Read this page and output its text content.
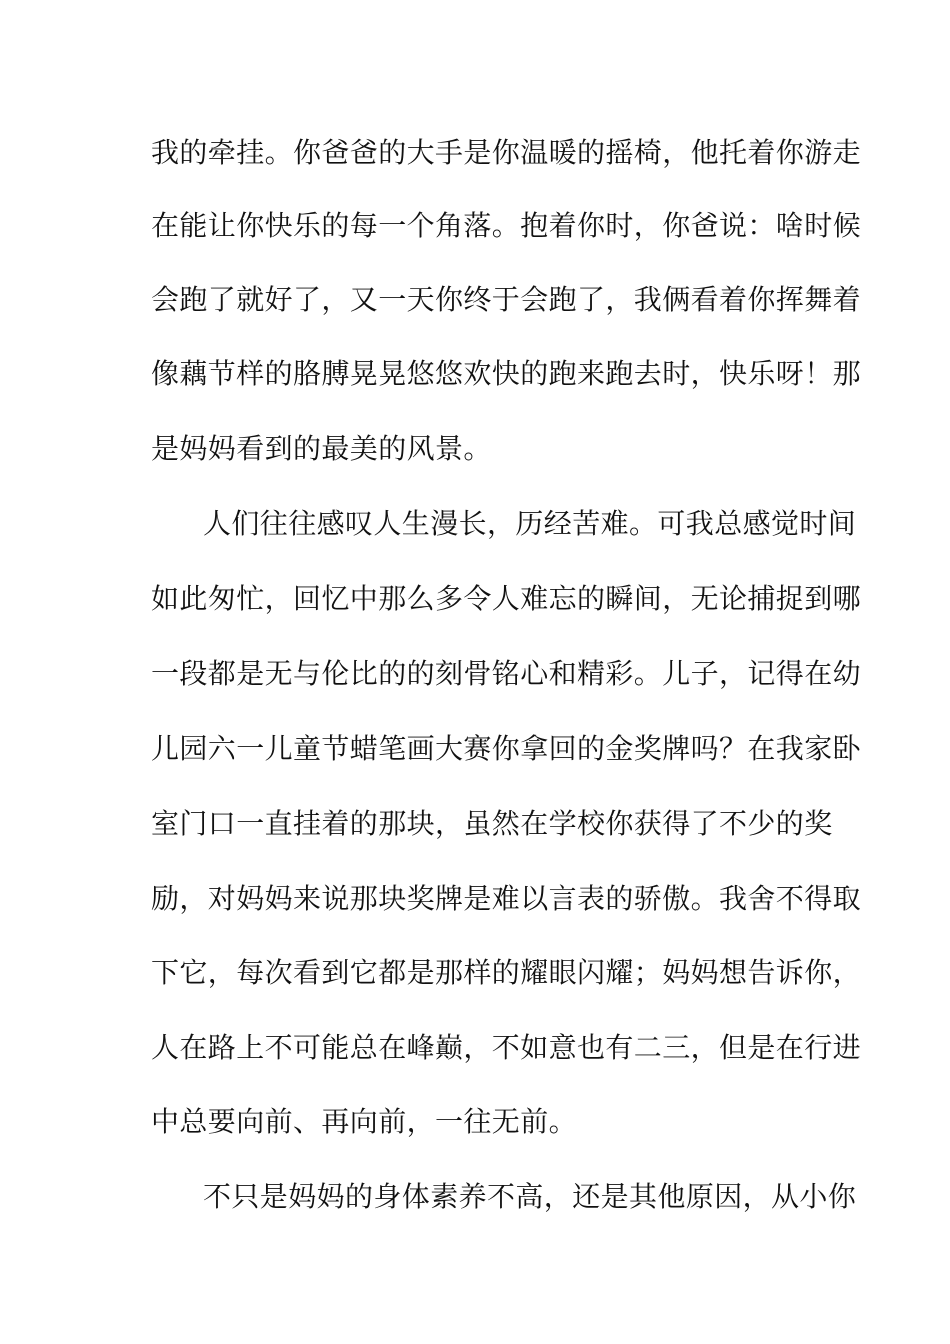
我的牵挂。你爸爸的大手是你温暖的摇椅，他托着你游走
在能让你快乐的每一个角落。抱着你时，你爸说：啥时候
会跑了就好了，又一天你终于会跑了，我俩看着你挥舞着
像藕节样的胳膊晃晃悠悠欢快的跑来跑去时，快乐呀！那
是妈妈看到的最美的风景。
人们往往感叹人生漫长，历经苦难。可我总感觉时间
如此匆忙，回忆中那么多令人难忘的瞬间，无论捕捉到哪
一段都是无与伦比的的刻骨铭心和精彩。儿子，记得在幼
儿园六一儿童节蜡笔画大赛你拿回的金奖牌吗？在我家卧
室门口一直挂着的那块，虽然在学校你获得了不少的奖
励，对妈妈来说那块奖牌是难以言表的骄傲。我舍不得取
下它，每次看到它都是那样的耀眼闪耀；妈妈想告诉你，
人在路上不可能总在峰巅，不如意也有二三，但是在行进
中总要向前、再向前，一往无前。
不只是妈妈的身体素养不高，还是其他原因，从小你
